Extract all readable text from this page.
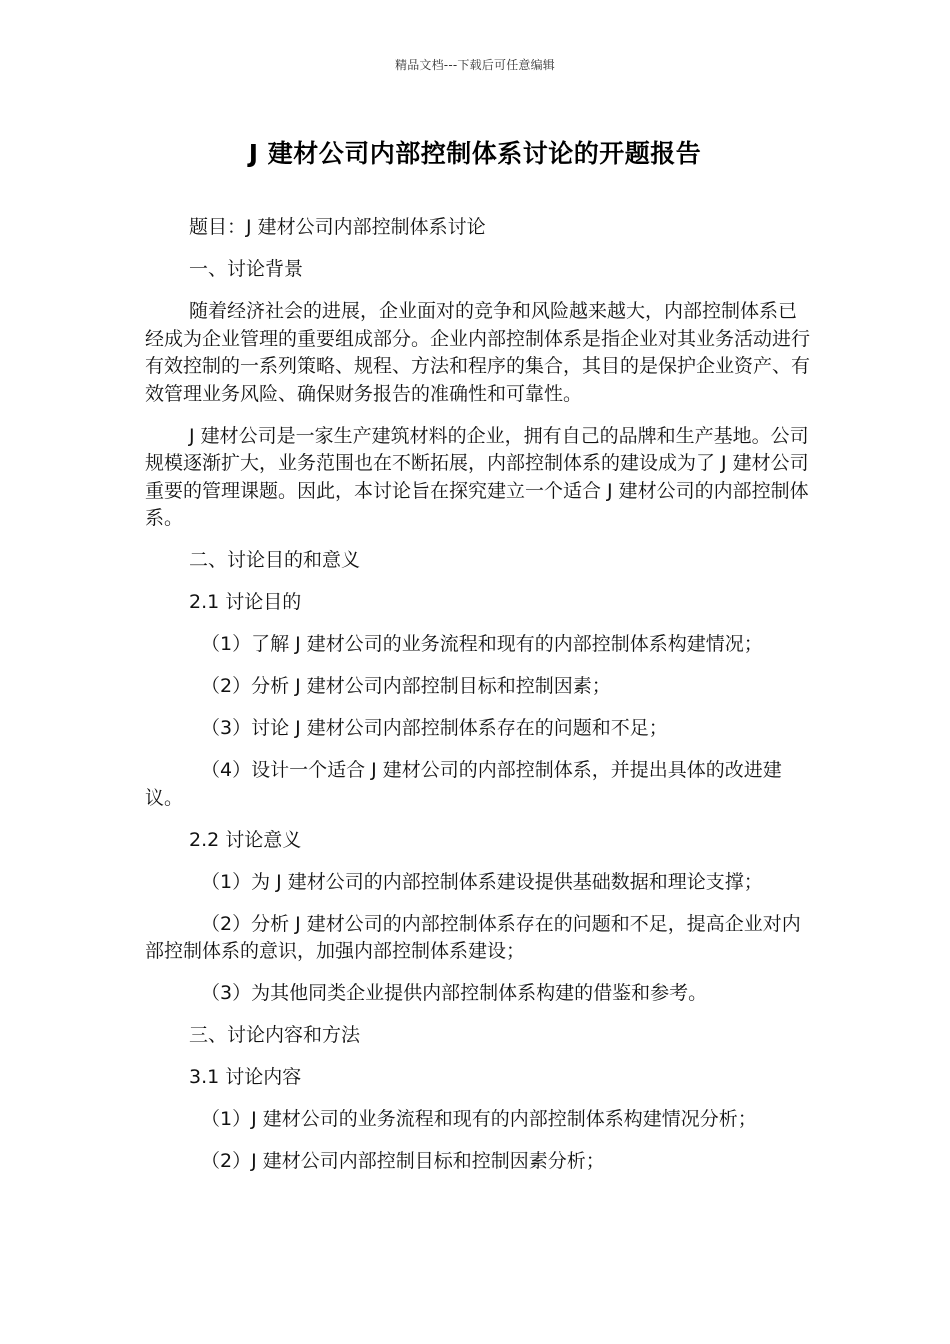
精品文档---下载后可任意编辑
J 建材公司内部控制体系讨论的开题报告

题目：J 建材公司内部控制体系讨论

一、讨论背景

随着经济社会的进展，企业面对的竞争和风险越来越大，内部控制体系已经成为企业管理的重要组成部分。企业内部控制体系是指企业对其业务活动进行有效控制的一系列策略、规程、方法和程序的集合，其目的是保护企业资产、有效管理业务风险、确保财务报告的准确性和可靠性。

J 建材公司是一家生产建筑材料的企业，拥有自己的品牌和生产基地。公司规模逐渐扩大，业务范围也在不断拓展，内部控制体系的建设成为了 J 建材公司重要的管理课题。因此，本讨论旨在探究建立一个适合 J 建材公司的内部控制体系。

二、讨论目的和意义

2.1 讨论目的

（1）了解 J 建材公司的业务流程和现有的内部控制体系构建情况；

（2）分析 J 建材公司内部控制目标和控制因素；

（3）讨论 J 建材公司内部控制体系存在的问题和不足；

（4）设计一个适合 J 建材公司的内部控制体系，并提出具体的改进建议。

2.2 讨论意义

（1）为 J 建材公司的内部控制体系建设提供基础数据和理论支撑；

（2）分析 J 建材公司的内部控制体系存在的问题和不足，提高企业对内部控制体系的意识，加强内部控制体系建设；

（3）为其他同类企业提供内部控制体系构建的借鉴和参考。

三、讨论内容和方法

3.1 讨论内容

（1）J 建材公司的业务流程和现有的内部控制体系构建情况分析；

（2）J 建材公司内部控制目标和控制因素分析；
